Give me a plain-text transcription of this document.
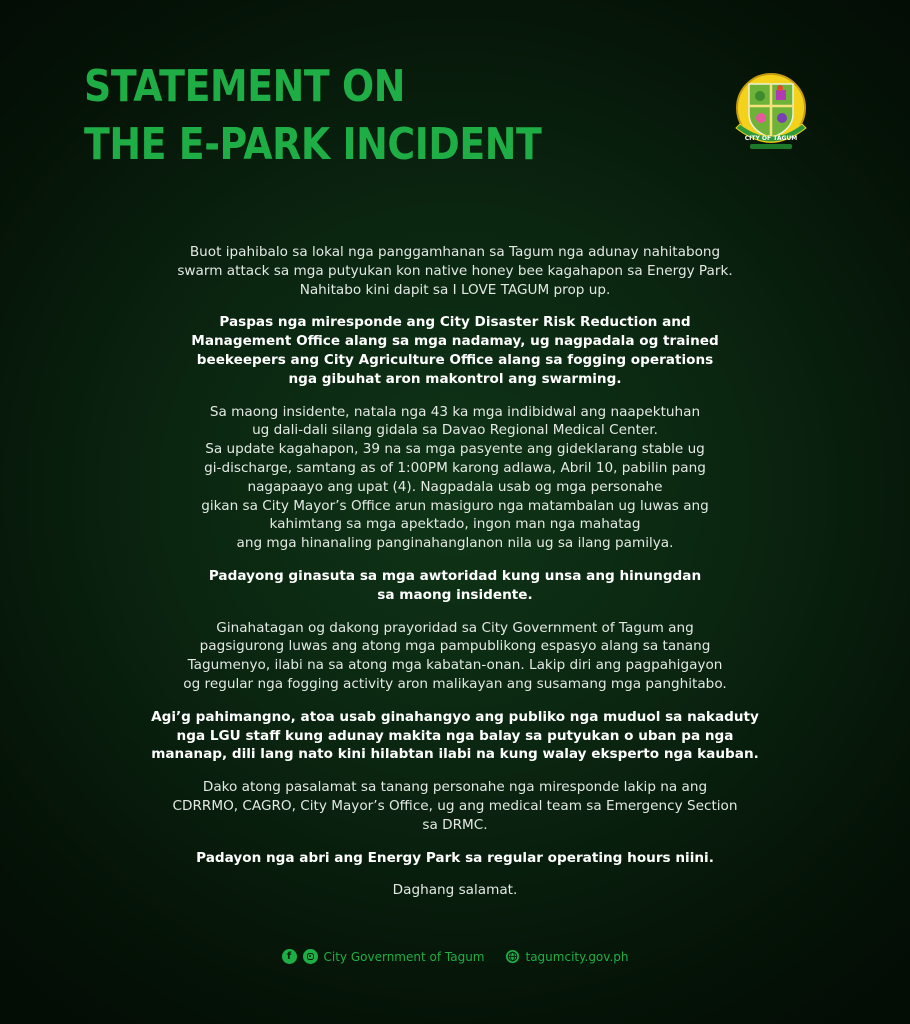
STATEMENT ON
THE E-PARK INCIDENT	CITY OF TAGUM

Buot ipahibalo sa lokal nga panggamhanan sa Tagum nga adunay nahitabong
swarm attack sa mga putyukan kon native honey bee kagahapon sa Energy Park.
Nahitabo kini dapit sa I LOVE TAGUM prop up.

Paspas nga miresponde ang City Disaster Risk Reduction and
Management Office alang sa mga nadamay, ug nagpadala og trained
beekeepers ang City Agriculture Office alang sa fogging operations
nga gibuhat aron makontrol ang swarming.

Sa maong insidente, natala nga 43 ka mga indibidwal ang naapektuhan
ug dali-dali silang gidala sa Davao Regional Medical Center.
Sa update kagahapon, 39 na sa mga pasyente ang gideklarang stable ug
gi-discharge, samtang as of 1:00PM karong adlawa, Abril 10, pabilin pang
nagapaayo ang upat (4). Nagpadala usab og mga personahe
gikan sa City Mayor’s Office arun masiguro nga matambalan ug luwas ang
kahimtang sa mga apektado, ingon man nga mahatag
ang mga hinanaling panginahanglanon nila ug sa ilang pamilya.

Padayong ginasuta sa mga awtoridad kung unsa ang hinungdan
sa maong insidente.

Ginahatagan og dakong prayoridad sa City Government of Tagum ang
pagsigurong luwas ang atong mga pampublikong espasyo alang sa tanang
Tagumenyo, ilabi na sa atong mga kabatan-onan. Lakip diri ang pagpahigayon
og regular nga fogging activity aron malikayan ang susamang mga panghitabo.

Agi’g pahimangno, atoa usab ginahangyo ang publiko nga muduol sa nakaduty
nga LGU staff kung adunay makita nga balay sa putyukan o uban pa nga
mananap, dili lang nato kini hilabtan ilabi na kung walay eksperto nga kauban.

Dako atong pasalamat sa tanang personahe nga miresponde lakip na ang
CDRRMO, CAGRO, City Mayor’s Office, ug ang medical team sa Emergency Section
sa DRMC.

Padayon nga abri ang Energy Park sa regular operating hours niini.

Daghang salamat.

f	City Government of Tagum	tagumcity.gov.ph
